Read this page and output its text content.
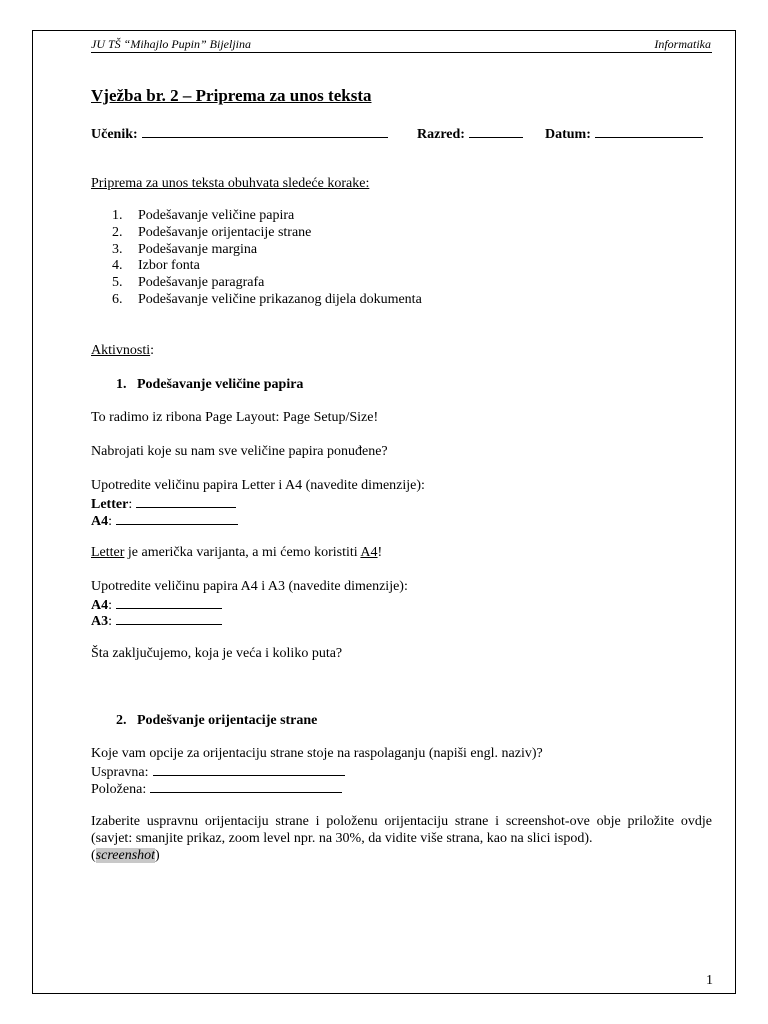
JU TŠ “Mihajlo Pupin” Bijeljina	Informatika
Vježba br. 2 – Priprema za unos teksta
Učenik:	Razred:	Datum:
Priprema za unos teksta obuhvata sledeće korake:
1.	Podešavanje veličine papira
2.	Podešavanje orijentacije strane
3.	Podešavanje margina
4.	Izbor fonta
5.	Podešavanje paragrafa
6.	Podešavanje veličine prikazanog dijela dokumenta
Aktivnosti:
1. Podešavanje veličine papira
To radimo iz ribona Page Layout: Page Setup/Size!
Nabrojati koje su nam sve veličine papira ponuđene?
Upotredite veličinu papira Letter i A4 (navedite dimenzije):
Letter:
A4:
Letter je američka varijanta, a mi ćemo koristiti A4!
Upotredite veličinu papira A4 i A3 (navedite dimenzije):
A4:
A3:
Šta zaključujemo, koja je veća i koliko puta?
2. Podešvanje orijentacije strane
Koje vam opcije za orijentaciju strane stoje na raspolaganju (napiši engl. naziv)?
Uspravna:
Položena:
Izaberite uspravnu orijentaciju strane i položenu orijentaciju strane i screenshot-ove obje priložite ovdje (savjet: smanjite prikaz, zoom level npr. na 30%, da vidite više strana, kao na slici ispod).
(screenshot)
1
